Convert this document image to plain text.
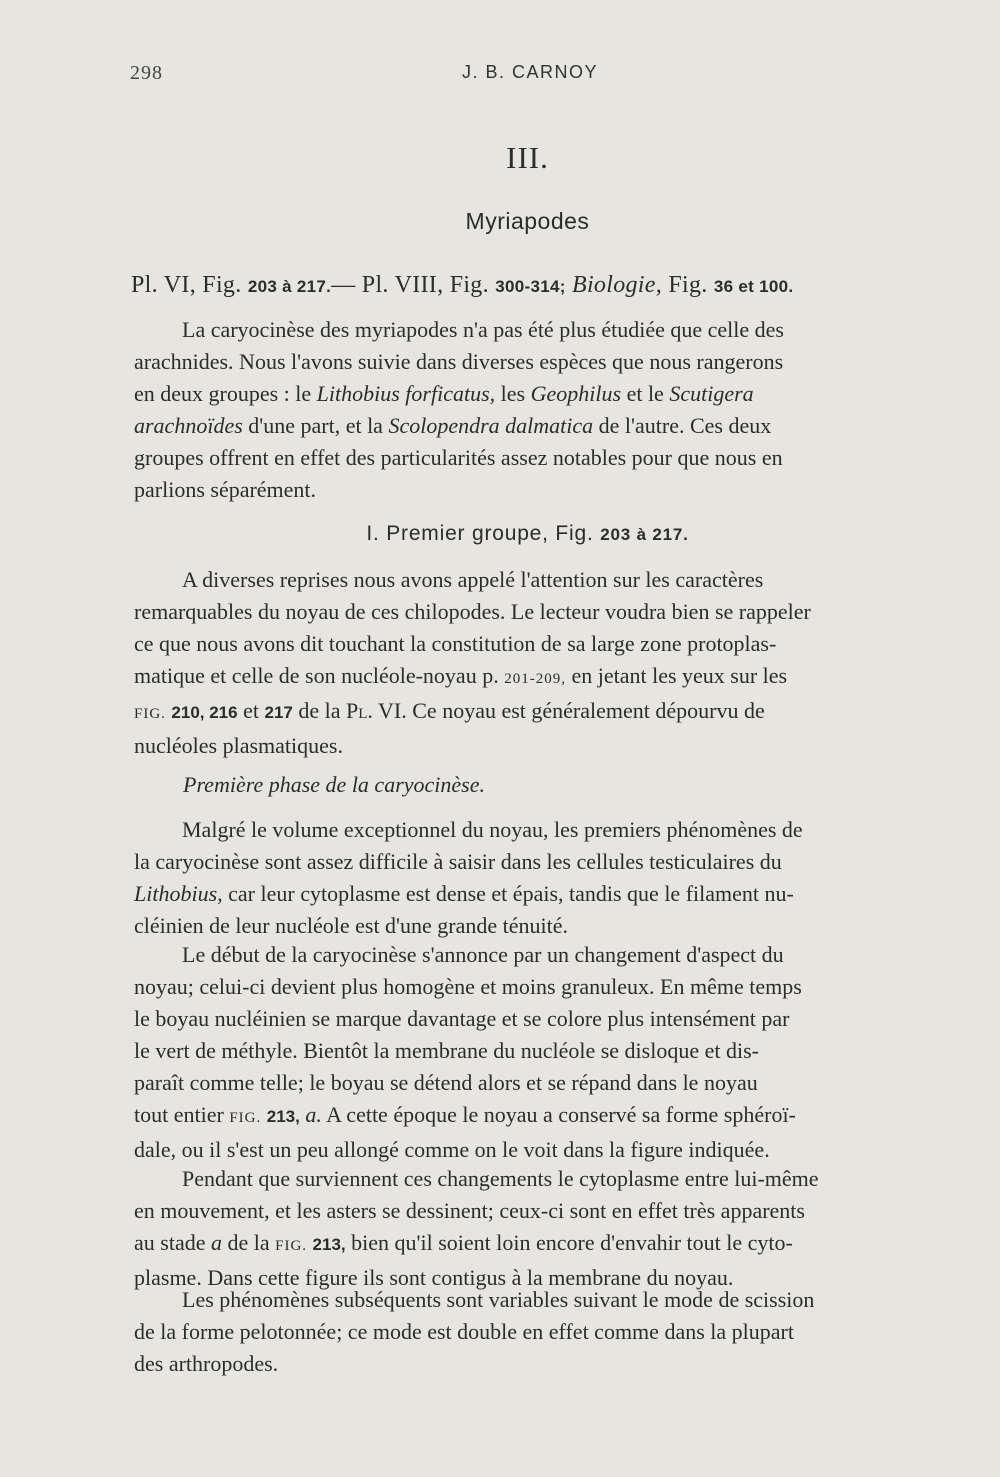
298	J. B. CARNOY
III.
Myriapodes
Pl. VI, Fig. 203 à 217.— Pl. VIII, Fig. 300-314; Biologie, Fig. 36 et 100.
La caryocinèse des myriapodes n'a pas été plus étudiée que celle des
arachnides. Nous l'avons suivie dans diverses espèces que nous rangerons
en deux groupes : le Lithobius forficatus, les Geophilus et le Scutigera
arachnoïdes d'une part, et la Scolopendra dalmatica de l'autre. Ces deux
groupes offrent en effet des particularités assez notables pour que nous en
parlions séparément.
I. Premier groupe, Fig. 203 à 217.
A diverses reprises nous avons appelé l'attention sur les caractères
remarquables du noyau de ces chilopodes. Le lecteur voudra bien se rappeler
ce que nous avons dit touchant la constitution de sa large zone protoplas-
matique et celle de son nucléole-noyau p. 201-209, en jetant les yeux sur les
FIG. 210, 216 et 217 de la Pl. VI. Ce noyau est généralement dépourvu de
nucléoles plasmatiques.
Première phase de la caryocinèse.
Malgré le volume exceptionnel du noyau, les premiers phénomènes de
la caryocinèse sont assez difficile à saisir dans les cellules testiculaires du
Lithobius, car leur cytoplasme est dense et épais, tandis que le filament nu-
cléinien de leur nucléole est d'une grande ténuité.
Le début de la caryocinèse s'annonce par un changement d'aspect du
noyau; celui-ci devient plus homogène et moins granuleux. En même temps
le boyau nucléinien se marque davantage et se colore plus intensément par
le vert de méthyle. Bientôt la membrane du nucléole se disloque et dis-
paraît comme telle; le boyau se détend alors et se répand dans le noyau
tout entier FIG. 213, a. A cette époque le noyau a conservé sa forme sphéroï-
dale, ou il s'est un peu allongé comme on le voit dans la figure indiquée.
Pendant que surviennent ces changements le cytoplasme entre lui-même
en mouvement, et les asters se dessinent; ceux-ci sont en effet très apparents
au stade a de la FIG. 213, bien qu'il soient loin encore d'envahir tout le cyto-
plasme. Dans cette figure ils sont contigus à la membrane du noyau.
Les phénomènes subséquents sont variables suivant le mode de scission
de la forme pelotonnée; ce mode est double en effet comme dans la plupart
des arthropodes.
